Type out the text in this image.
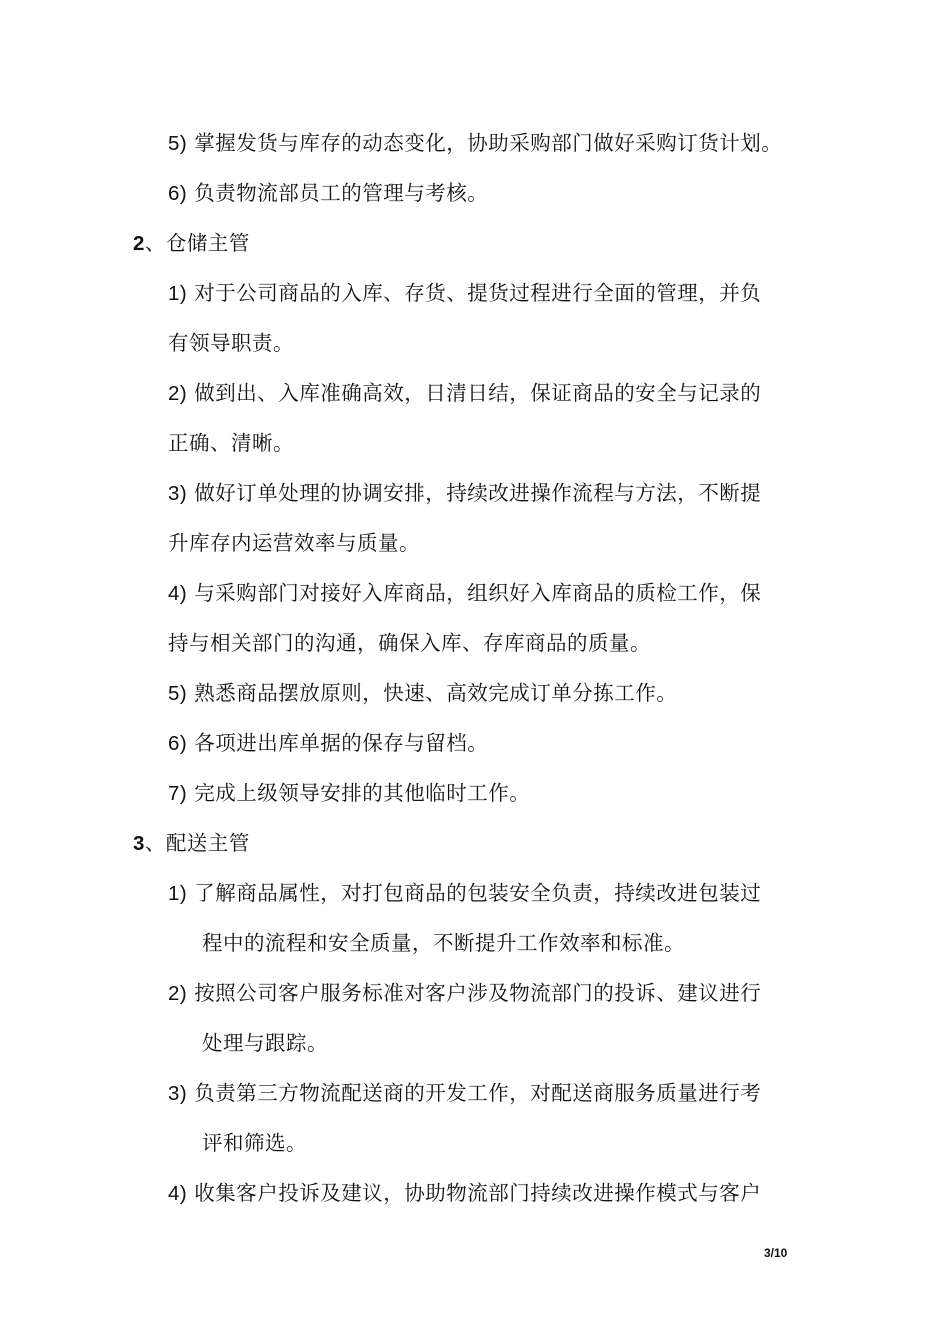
5) 掌握发货与库存的动态变化，协助采购部门做好采购订货计划。
6) 负责物流部员工的管理与考核。
2、仓储主管
1) 对于公司商品的入库、存货、提货过程进行全面的管理，并负
有领导职责。
2) 做到出、入库准确高效，日清日结，保证商品的安全与记录的
正确、清晰。
3) 做好订单处理的协调安排，持续改进操作流程与方法，不断提
升库存内运营效率与质量。
4) 与采购部门对接好入库商品，组织好入库商品的质检工作，保
持与相关部门的沟通，确保入库、存库商品的质量。
5) 熟悉商品摆放原则，快速、高效完成订单分拣工作。
6) 各项进出库单据的保存与留档。
7) 完成上级领导安排的其他临时工作。
3、配送主管
1) 了解商品属性，对打包商品的包装安全负责，持续改进包装过
程中的流程和安全质量，不断提升工作效率和标准。
2) 按照公司客户服务标准对客户涉及物流部门的投诉、建议进行
处理与跟踪。
3) 负责第三方物流配送商的开发工作，对配送商服务质量进行考
评和筛选。
4) 收集客户投诉及建议，协助物流部门持续改进操作模式与客户
3/10
